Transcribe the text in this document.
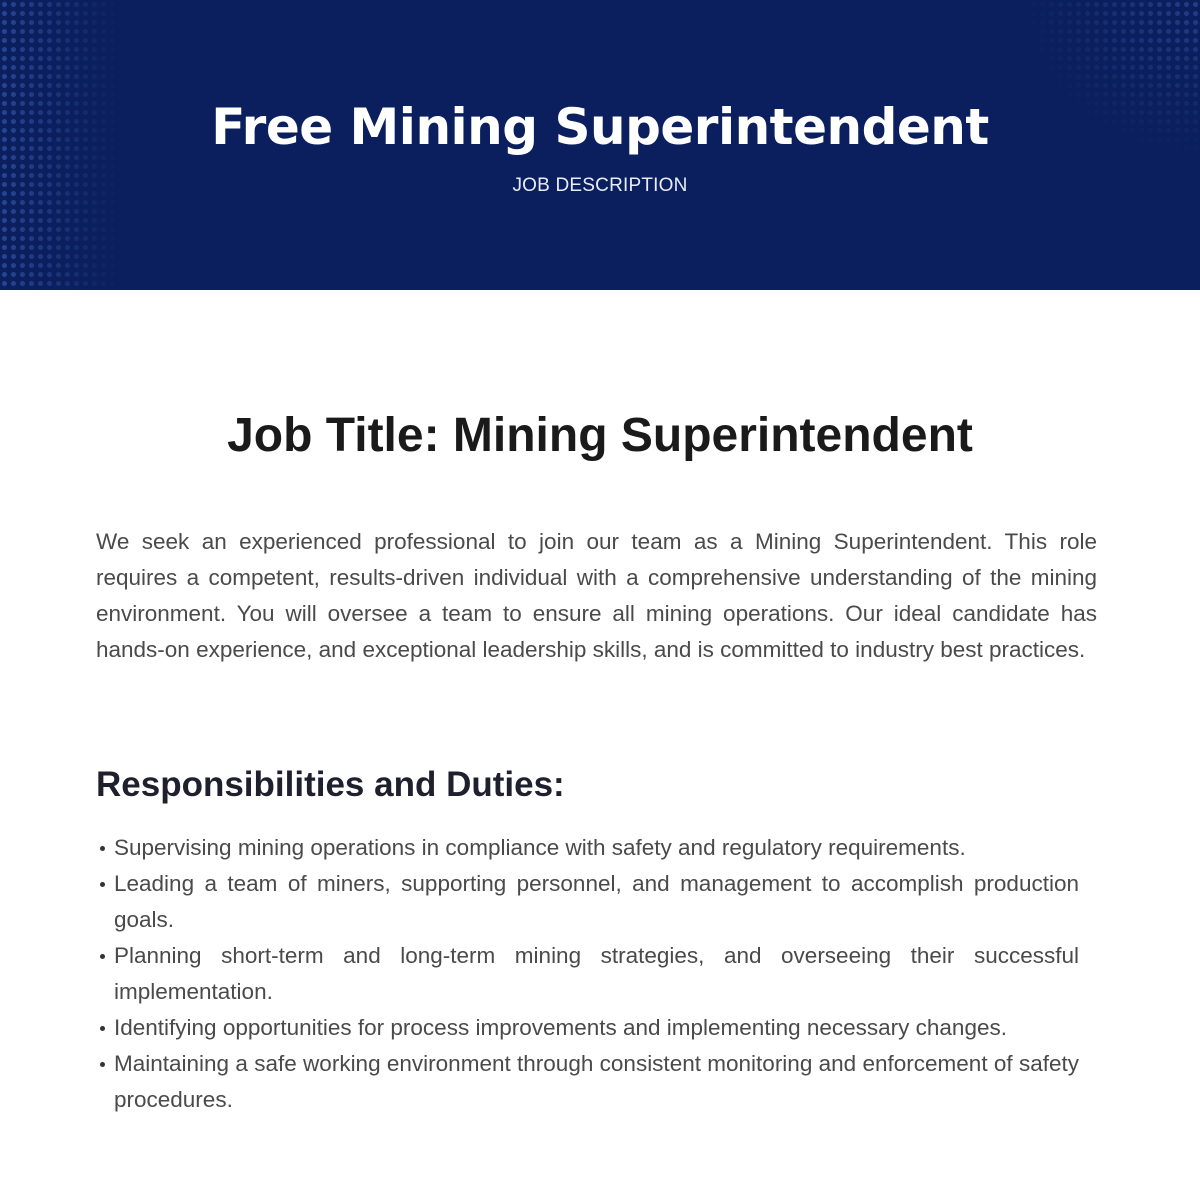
Free Mining Superintendent
JOB DESCRIPTION
Job Title: Mining Superintendent

We seek an experienced professional to join our team as a Mining Superintendent. This role requires a competent, results-driven individual with a comprehensive understanding of the mining environment. You will oversee a team to ensure all mining operations. Our ideal candidate has hands-on experience, and exceptional leadership skills, and is committed to industry best practices.

Responsibilities and Duties:
Supervising mining operations in compliance with safety and regulatory requirements.
Leading a team of miners, supporting personnel, and management to accomplish production goals.
Planning short-term and long-term mining strategies, and overseeing their successful implementation.
Identifying opportunities for process improvements and implementing necessary changes.
Maintaining a safe working environment through consistent monitoring and enforcement of safety procedures.
